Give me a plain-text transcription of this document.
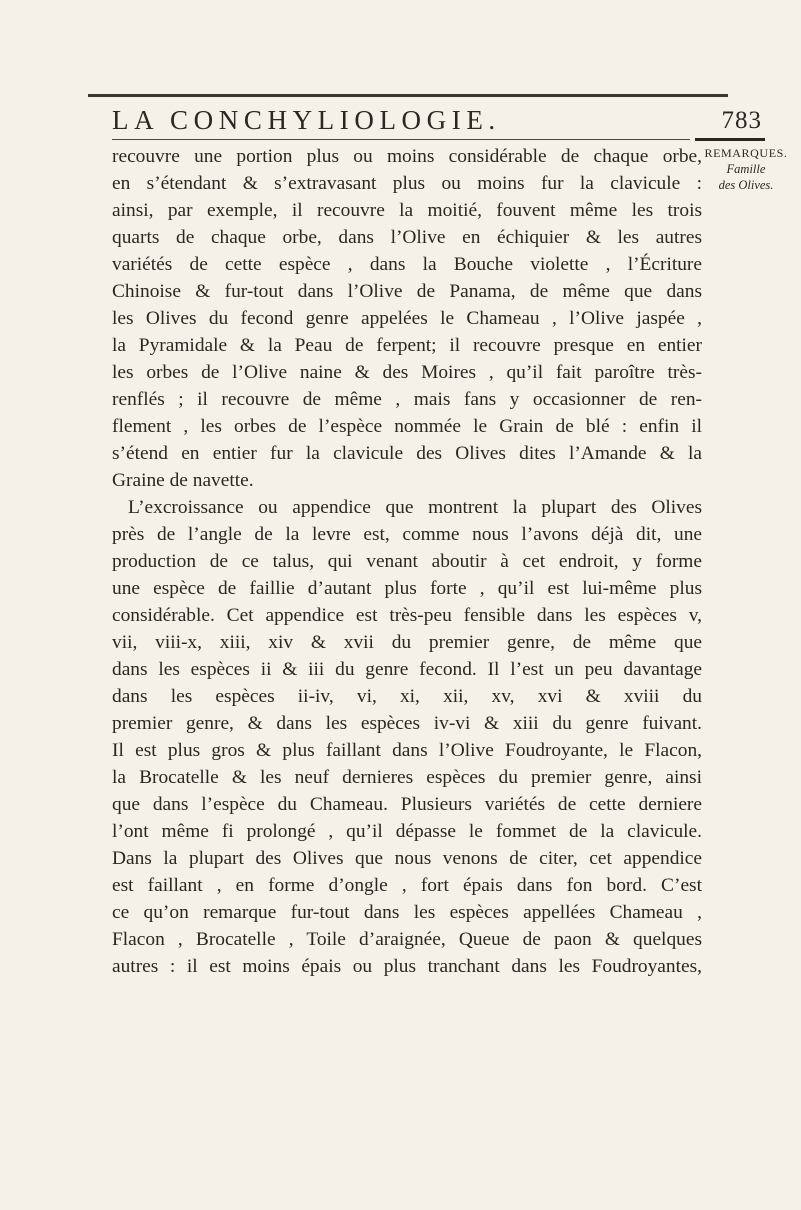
LA CONCHYLIOLOGIE.	783
REMARQUES.
Famille
des Olives.
recouvre une portion plus ou moins considérable de chaque orbe,
en s’étendant & s’extravasant plus ou moins fur la clavicule :
ainsi, par exemple, il recouvre la moitié, fouvent même les trois
quarts de chaque orbe, dans l’Olive en échiquier & les autres
variétés de cette espèce , dans la Bouche violette , l’Écriture
Chinoise & fur-tout dans l’Olive de Panama, de même que dans
les Olives du fecond genre appelées le Chameau , l’Olive jaspée ,
la Pyramidale & la Peau de ferpent; il recouvre presque en entier
les orbes de l’Olive naine & des Moires , qu’il fait paroître très-
renflés ; il recouvre de même , mais fans y occasionner de ren-
flement , les orbes de l’espèce nommée le Grain de blé : enfin il
s’étend en entier fur la clavicule des Olives dites l’Amande & la
Graine de navette.
L’excroissance ou appendice que montrent la plupart des Olives
près de l’angle de la levre est, comme nous l’avons déjà dit, une
production de ce talus, qui venant aboutir à cet endroit, y forme
une espèce de faillie d’autant plus forte , qu’il est lui-même plus
considérable. Cet appendice est très-peu fensible dans les espèces v,
vii, viii-x, xiii, xiv & xvii du premier genre, de même que
dans les espèces ii & iii du genre fecond. Il l’est un peu davantage
dans les espèces ii-iv, vi, xi, xii, xv, xvi & xviii du
premier genre, & dans les espèces iv-vi & xiii du genre fuivant.
Il est plus gros & plus faillant dans l’Olive Foudroyante, le Flacon,
la Brocatelle & les neuf dernieres espèces du premier genre, ainsi
que dans l’espèce du Chameau. Plusieurs variétés de cette derniere
l’ont même fi prolongé , qu’il dépasse le fommet de la clavicule.
Dans la plupart des Olives que nous venons de citer, cet appendice
est faillant , en forme d’ongle , fort épais dans fon bord. C’est
ce qu’on remarque fur-tout dans les espèces appellées Chameau ,
Flacon , Brocatelle , Toile d’araignée, Queue de paon & quelques
autres : il est moins épais ou plus tranchant dans les Foudroyantes,
